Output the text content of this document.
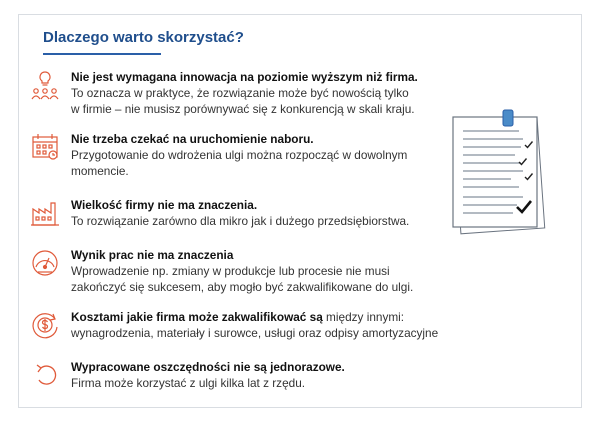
Dlaczego warto skorzystać?
Nie jest wymagana innowacja na poziomie wyższym niż firma.
To oznacza w praktyce, że rozwiązanie może być nowością tylko
w firmie – nie musisz porównywać się z konkurencją w skali kraju.
Nie trzeba czekać na uruchomienie naboru.
Przygotowanie do wdrożenia ulgi można rozpocząć w dowolnym
momencie.
Wielkość firmy nie ma znaczenia.
To rozwiązanie zarówno dla mikro jak i dużego przedsiębiorstwa.
Wynik prac nie ma znaczenia
Wprowadzenie np. zmiany w produkcje lub procesie nie musi
zakończyć się sukcesem, aby mogło być zakwalifikowane do ulgi.
Kosztami jakie firma może zakwalifikować są między innymi:
wynagrodzenia, materiały i surowce, usługi oraz odpisy amortyzacyjne
Wypracowane oszczędności nie są jednorazowe.
Firma może korzystać z ulgi kilka lat z rzędu.
